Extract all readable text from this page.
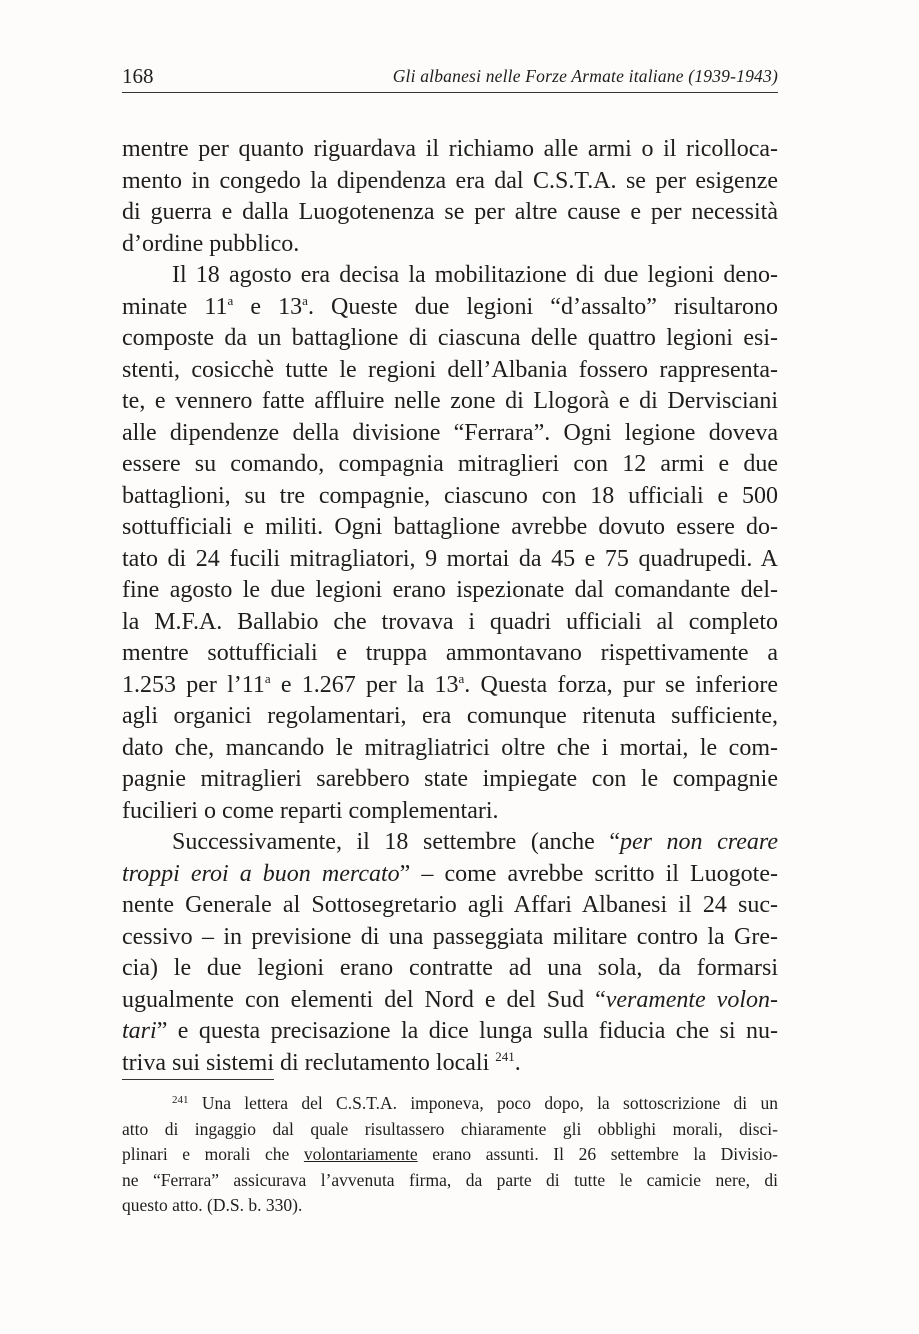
168	Gli albanesi nelle Forze Armate italiane (1939-1943)
mentre per quanto riguardava il richiamo alle armi o il ricolloca-
mento in congedo la dipendenza era dal C.S.T.A. se per esigenze
di guerra e dalla Luogotenenza se per altre cause e per necessità
d’ordine pubblico.
Il 18 agosto era decisa la mobilitazione di due legioni deno-
minate 11$^a$ e 13$^a$. Queste due legioni “d’assalto” risultarono
composte da un battaglione di ciascuna delle quattro legioni esi-
stenti, cosicchè tutte le regioni dell’Albania fossero rappresenta-
te, e vennero fatte affluire nelle zone di Llogorà e di Dervisciani
alle dipendenze della divisione “Ferrara”. Ogni legione doveva
essere su comando, compagnia mitraglieri con 12 armi e due
battaglioni, su tre compagnie, ciascuno con 18 ufficiali e 500
sottufficiali e militi. Ogni battaglione avrebbe dovuto essere do-
tato di 24 fucili mitragliatori, 9 mortai da 45 e 75 quadrupedi. A
fine agosto le due legioni erano ispezionate dal comandante del-
la M.F.A. Ballabio che trovava i quadri ufficiali al completo
mentre sottufficiali e truppa ammontavano rispettivamente a
1.253 per l’11$^a$ e 1.267 per la 13$^a$. Questa forza, pur se inferiore
agli organici regolamentari, era comunque ritenuta sufficiente,
dato che, mancando le mitragliatrici oltre che i mortai, le com-
pagnie mitraglieri sarebbero state impiegate con le compagnie
fucilieri o come reparti complementari.
Successivamente, il 18 settembre (anche “per non creare
troppi eroi a buon mercato” – come avrebbe scritto il Luogote-
nente Generale al Sottosegretario agli Affari Albanesi il 24 suc-
cessivo – in previsione di una passeggiata militare contro la Gre-
cia) le due legioni erano contratte ad una sola, da formarsi
ugualmente con elementi del Nord e del Sud “veramente volon-
tari” e questa precisazione la dice lunga sulla fiducia che si nu-
triva sui sistemi di reclutamento locali $^{241}$.
$^{241}$ Una lettera del C.S.T.A. imponeva, poco dopo, la sottoscrizione di un
atto di ingaggio dal quale risultassero chiaramente gli obblighi morali, disci-
plinari e morali che volontariamente erano assunti. Il 26 settembre la Divisio-
ne “Ferrara” assicurava l’avvenuta firma, da parte di tutte le camicie nere, di
questo atto. (D.S. b. 330).
